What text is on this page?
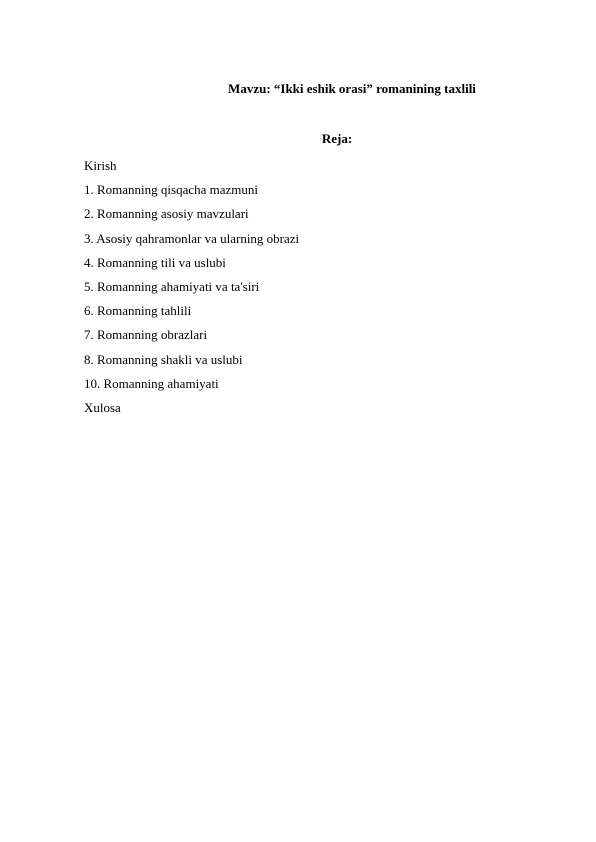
Mavzu: “Ikki eshik orasi” romanining taxlili
Reja:
Kirish
1. Romanning qisqacha mazmuni
2. Romanning asosiy mavzulari
3. Asosiy qahramonlar va ularning obrazi
4. Romanning tili va uslubi
5. Romanning ahamiyati va ta'siri
6. Romanning tahlili
7. Romanning obrazlari
8. Romanning shakli va uslubi
10. Romanning ahamiyati
Xulosa
